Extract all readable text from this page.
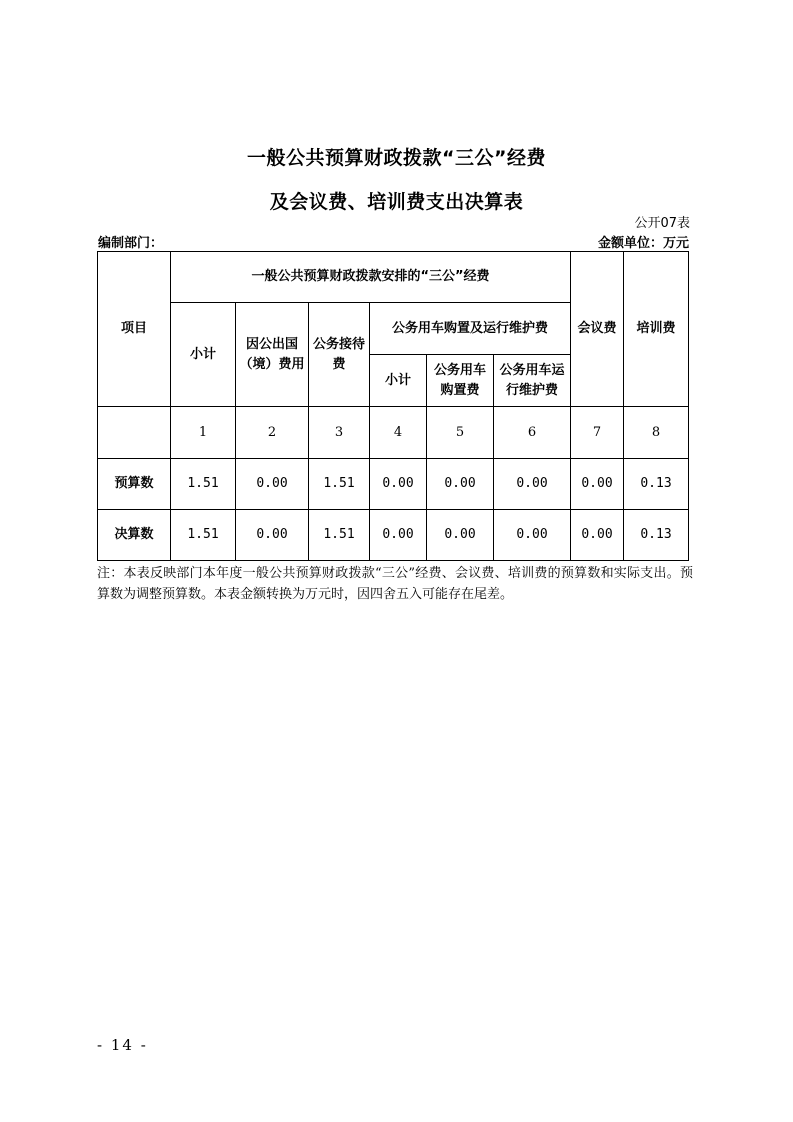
一般公共预算财政拨款“三公”经费
及会议费、培训费支出决算表
公开07表
编制部门：	金额单位：万元
项目	一般公共预算财政拨款安排的“三公”经费						会议费	培训费
	小计	因公出国（境）费用	公务接待费	公务用车购置及运行维护费				
				小计	公务用车购置费	公务用车运行维护费		
	1	2	3	4	5	6	7	8
预算数	1.51	0.00	1.51	0.00	0.00	0.00	0.00	0.13
决算数	1.51	0.00	1.51	0.00	0.00	0.00	0.00	0.13
注：本表反映部门本年度一般公共预算财政拨款“三公”经费、会议费、培训费的预算数和实际支出。预算数为调整预算数。本表金额转换为万元时，因四舍五入可能存在尾差。
- 14 -
